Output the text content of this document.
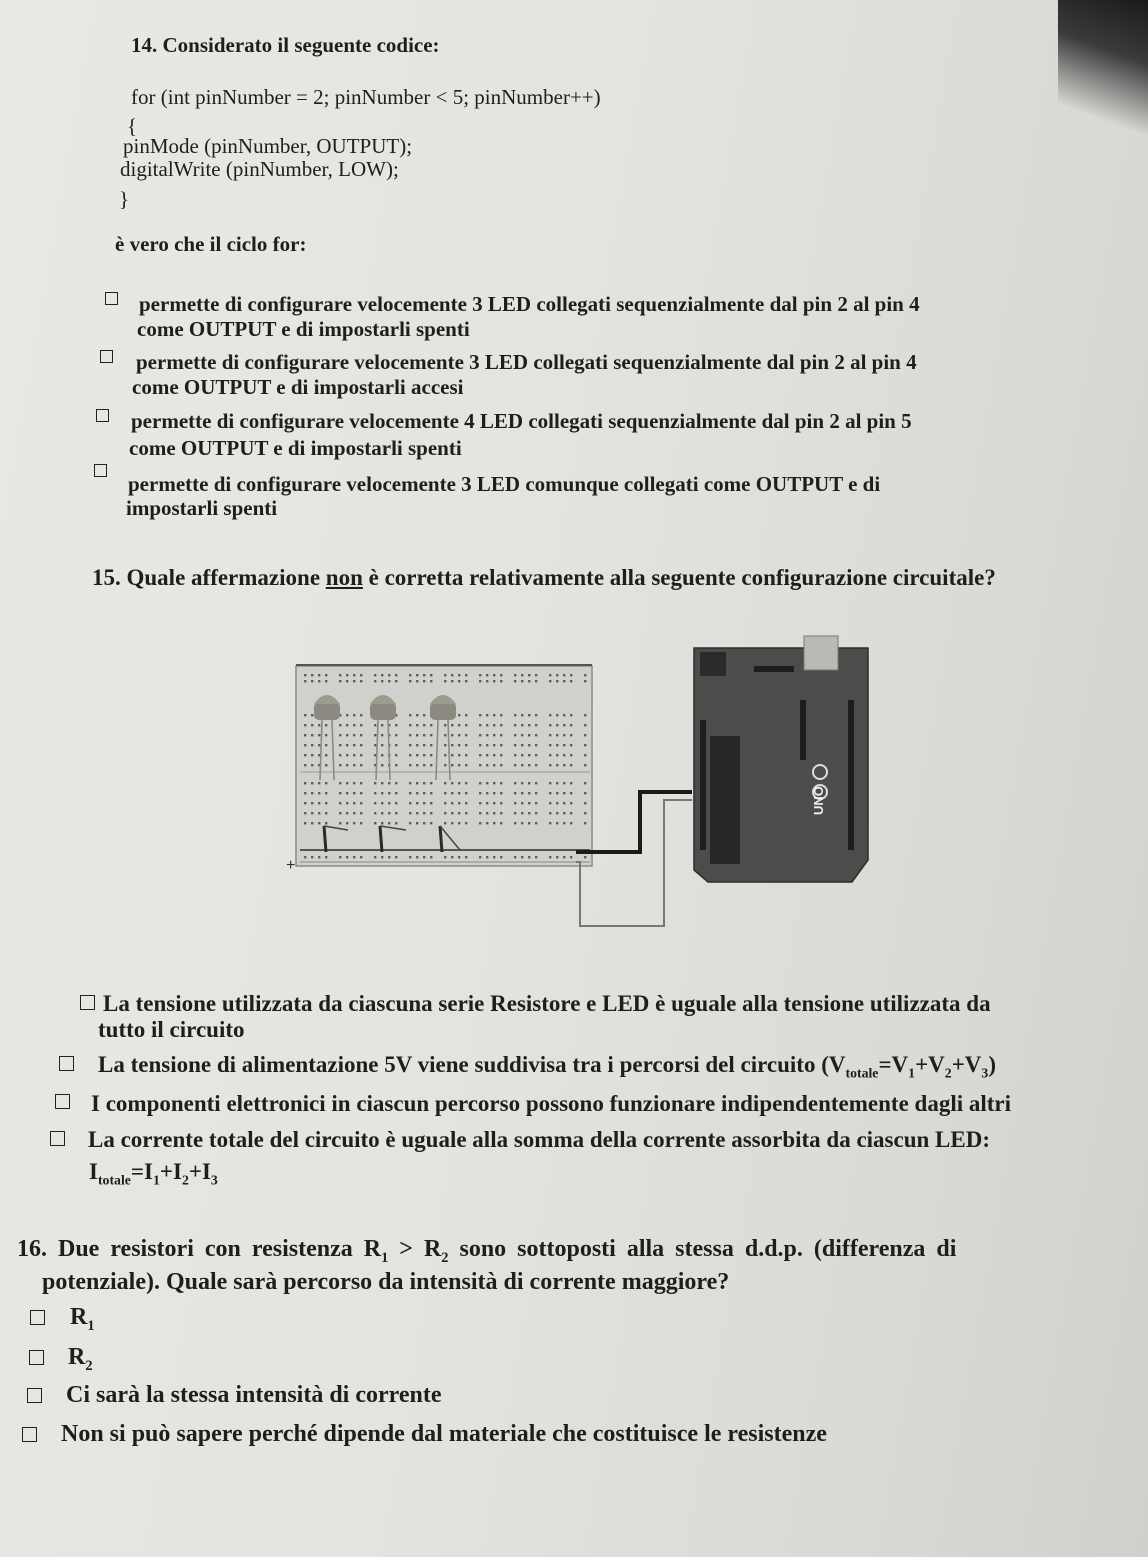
14. Considerato il seguente codice:
for (int pinNumber = 2; pinNumber < 5; pinNumber++)
{
pinMode (pinNumber, OUTPUT);
digitalWrite (pinNumber, LOW);
}
è vero che il ciclo for:
permette di configurare velocemente 3 LED collegati sequenzialmente dal pin 2 al pin 4
come OUTPUT e di impostarli spenti
permette di configurare velocemente 3 LED collegati sequenzialmente dal pin 2 al pin 4
come OUTPUT e di impostarli accesi
permette di configurare velocemente 4 LED collegati sequenzialmente dal pin 2 al pin 5
come OUTPUT e di impostarli spenti
permette di configurare velocemente 3 LED comunque collegati come OUTPUT e di
impostarli spenti
15. Quale affermazione non è corretta relativamente alla seguente configurazione circuitale?
+
UNO
La tensione utilizzata da ciascuna serie Resistore e LED è uguale alla tensione utilizzata da
tutto il circuito
La tensione di alimentazione 5V viene suddivisa tra i percorsi del circuito $(V_{totale}=V_1+V_2+V_3)$
I componenti elettronici in ciascun percorso possono funzionare indipendentemente dagli altri
La corrente totale del circuito è uguale alla somma della corrente assorbita da ciascun LED:
$I_{totale}=I_1+I_2+I_3$
16. Due resistori con resistenza $R_1 > R_2$ sono sottoposti alla stessa d.d.p. (differenza di
potenziale). Quale sarà percorso da intensità di corrente maggiore?
$R_1$
$R_2$
Ci sarà la stessa intensità di corrente
Non si può sapere perché dipende dal materiale che costituisce le resistenze
